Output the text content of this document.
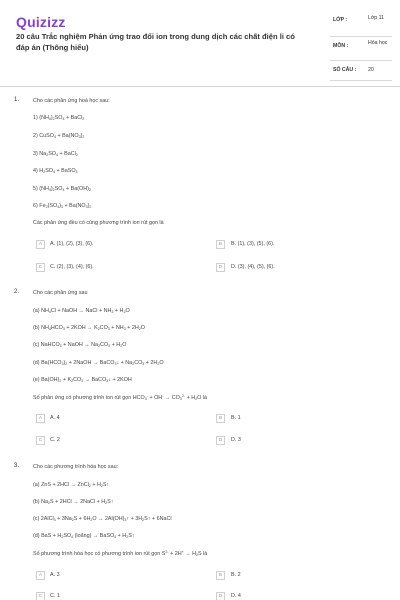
Quizizz
20 câu Trắc nghiệm Phản ứng trao đổi ion trong dung dịch các chất điện li có đáp án (Thông hiểu)
LỚP :	Lớp 11
MÔN :	Hóa học
SỐ CÂU : 20
1.	Cho các phản ứng hoá học sau:
1) $(NH_4)_2SO_4$ + BaCl$_2$
2) CuSO$_4$ + $Ba(NO_3)_2$
3) $Na_2SO_4$ + BaCl$_2$
4) $H_2SO_4$ + BaSO$_3$
5) $(NH_4)_2SO_4 + Ba(OH)_2$
6) $Fe_2(SO_4)_3 + Ba(NO_3)_2$
Các phản ứng đều có cùng phương trình ion rút gọn là
A	A. (1), (2), (3), (6).	B	B. (1), (3), (5), (6).
C	C. (2), (3), (4), (6).	D	D. (3), (4), (5), (6).
2.	Cho các phản ứng sau
(a) $NH_4Cl$ + NaOH → NaCl + $NH_3 + H_2O$
(b) $NH_4HCO_3 + 2KOH \to K_2CO_3 + NH_3 + 2H_2O$
(c) NaHCO$_3$ + NaOH → $Na_2CO_3 + H_2O$
(d) $Ba(HCO_3)_2$ + 2NaOH → BaCO$_3$↓ + $Na_2CO_3 + 2H_2O$
(e) $Ba(OH)_2 + K_2CO_3$ → BaCO$_3$↓ + 2KOH
Số phản ứng có phương trình ion rút gọn $HCO_3^- + OH^- \to CO_3^{2-} + H_2O$ là
A	A. 4	B	B. 1
C	C. 2	D	D. 3
3.	Cho các phương trình hóa học sau:
(a) ZnS + 2HCl → ZnCl$_2$ + $H_2S↑$
(b) $Na_2S + 2HCl$ → 2NaCl + $H_2S↑$
(c) 2AlCl$_3$ + $3Na_2S + 6H_2O$ → $2Al(OH)_3↑$ + $3H_2S↑$ + 6NaCl
(d) BaS + $H_2SO_4$ (loãng) → BaSO$_4$ + $H_2S↑$
Số phương trình hóa học có phương trình ion rút gọn $S^{2-} + 2H^+ \to H_2S$ là
A	A. 3	B	B. 2
C	C. 1	D	D. 4
